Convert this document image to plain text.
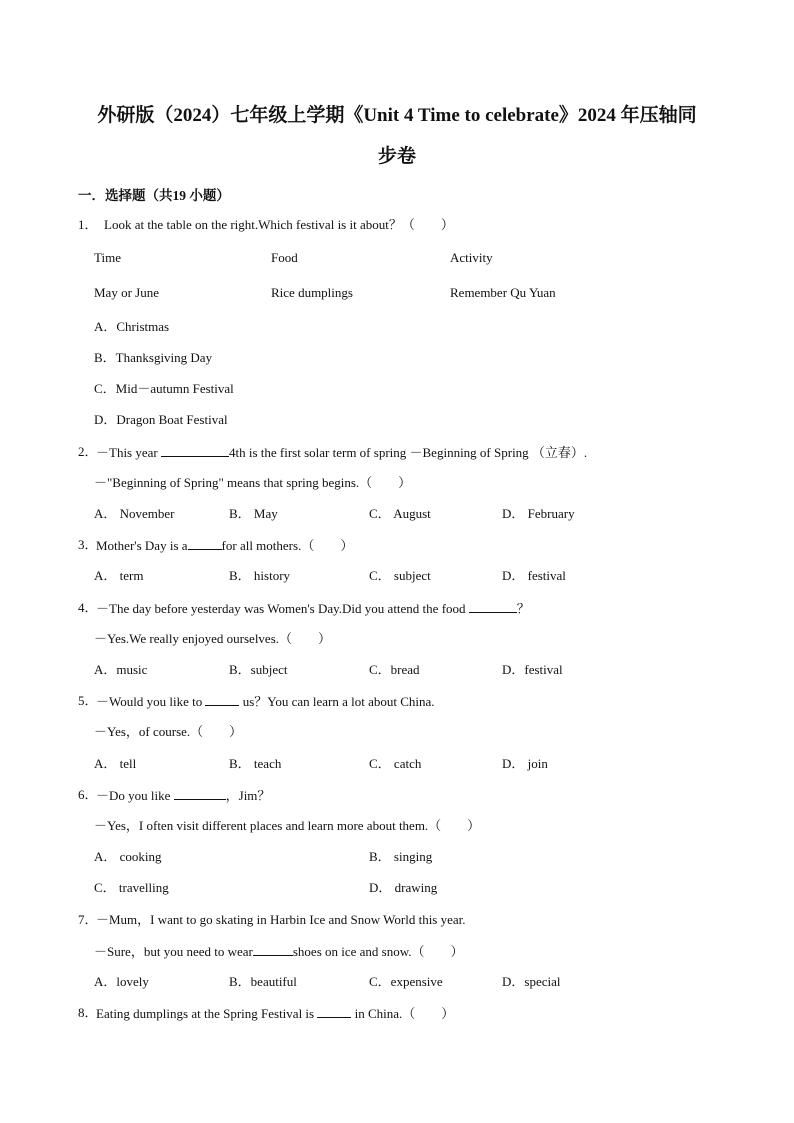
外研版（2024）七年级上学期《Unit 4 Time to celebrate》2024 年压轴同
步卷
一．选择题（共19 小题）
1． Look at the table on the right.Which festival is it about？（　　）
Time	Food	Activity
May or June	Rice dumplings	Remember Qu Yuan
A．Christmas
B．Thanksgiving Day
C．Mid－autumn Festival
D．Dragon Boat Festival
2．
－This year	4th is the first solar term of spring －Beginning of Spring （立春）.
－"Beginning of Spring" means that spring begins.（　　）
A． November	B． May	C． August	D． February
3．
Mother's Day is a	for all mothers.（　　）
A． term	B． history	C． subject	D． festival
4．
－The day before yesterday was Women's Day.Did you attend the food	？
－Yes.We really enjoyed ourselves.（　　）
A．music	B．subject	C．bread	D．festival
5．
－Would you like to	us？You can learn a lot about China.
－Yes，of course.（　　）
A． tell	B． teach	C． catch	D． join
6．
－Do you like	，Jim？
－Yes，I often visit different places and learn more about them.（　　）
A． cooking	B． singing
C． travelling	D． drawing
7．
－Mum，I want to go skating in Harbin Ice and Snow World this year.
－Sure，but you need to wear	shoes on ice and snow.（　　）
A．lovely	B．beautiful	C．expensive	D．special
8．
Eating dumplings at the Spring Festival is	in China.（　　）
